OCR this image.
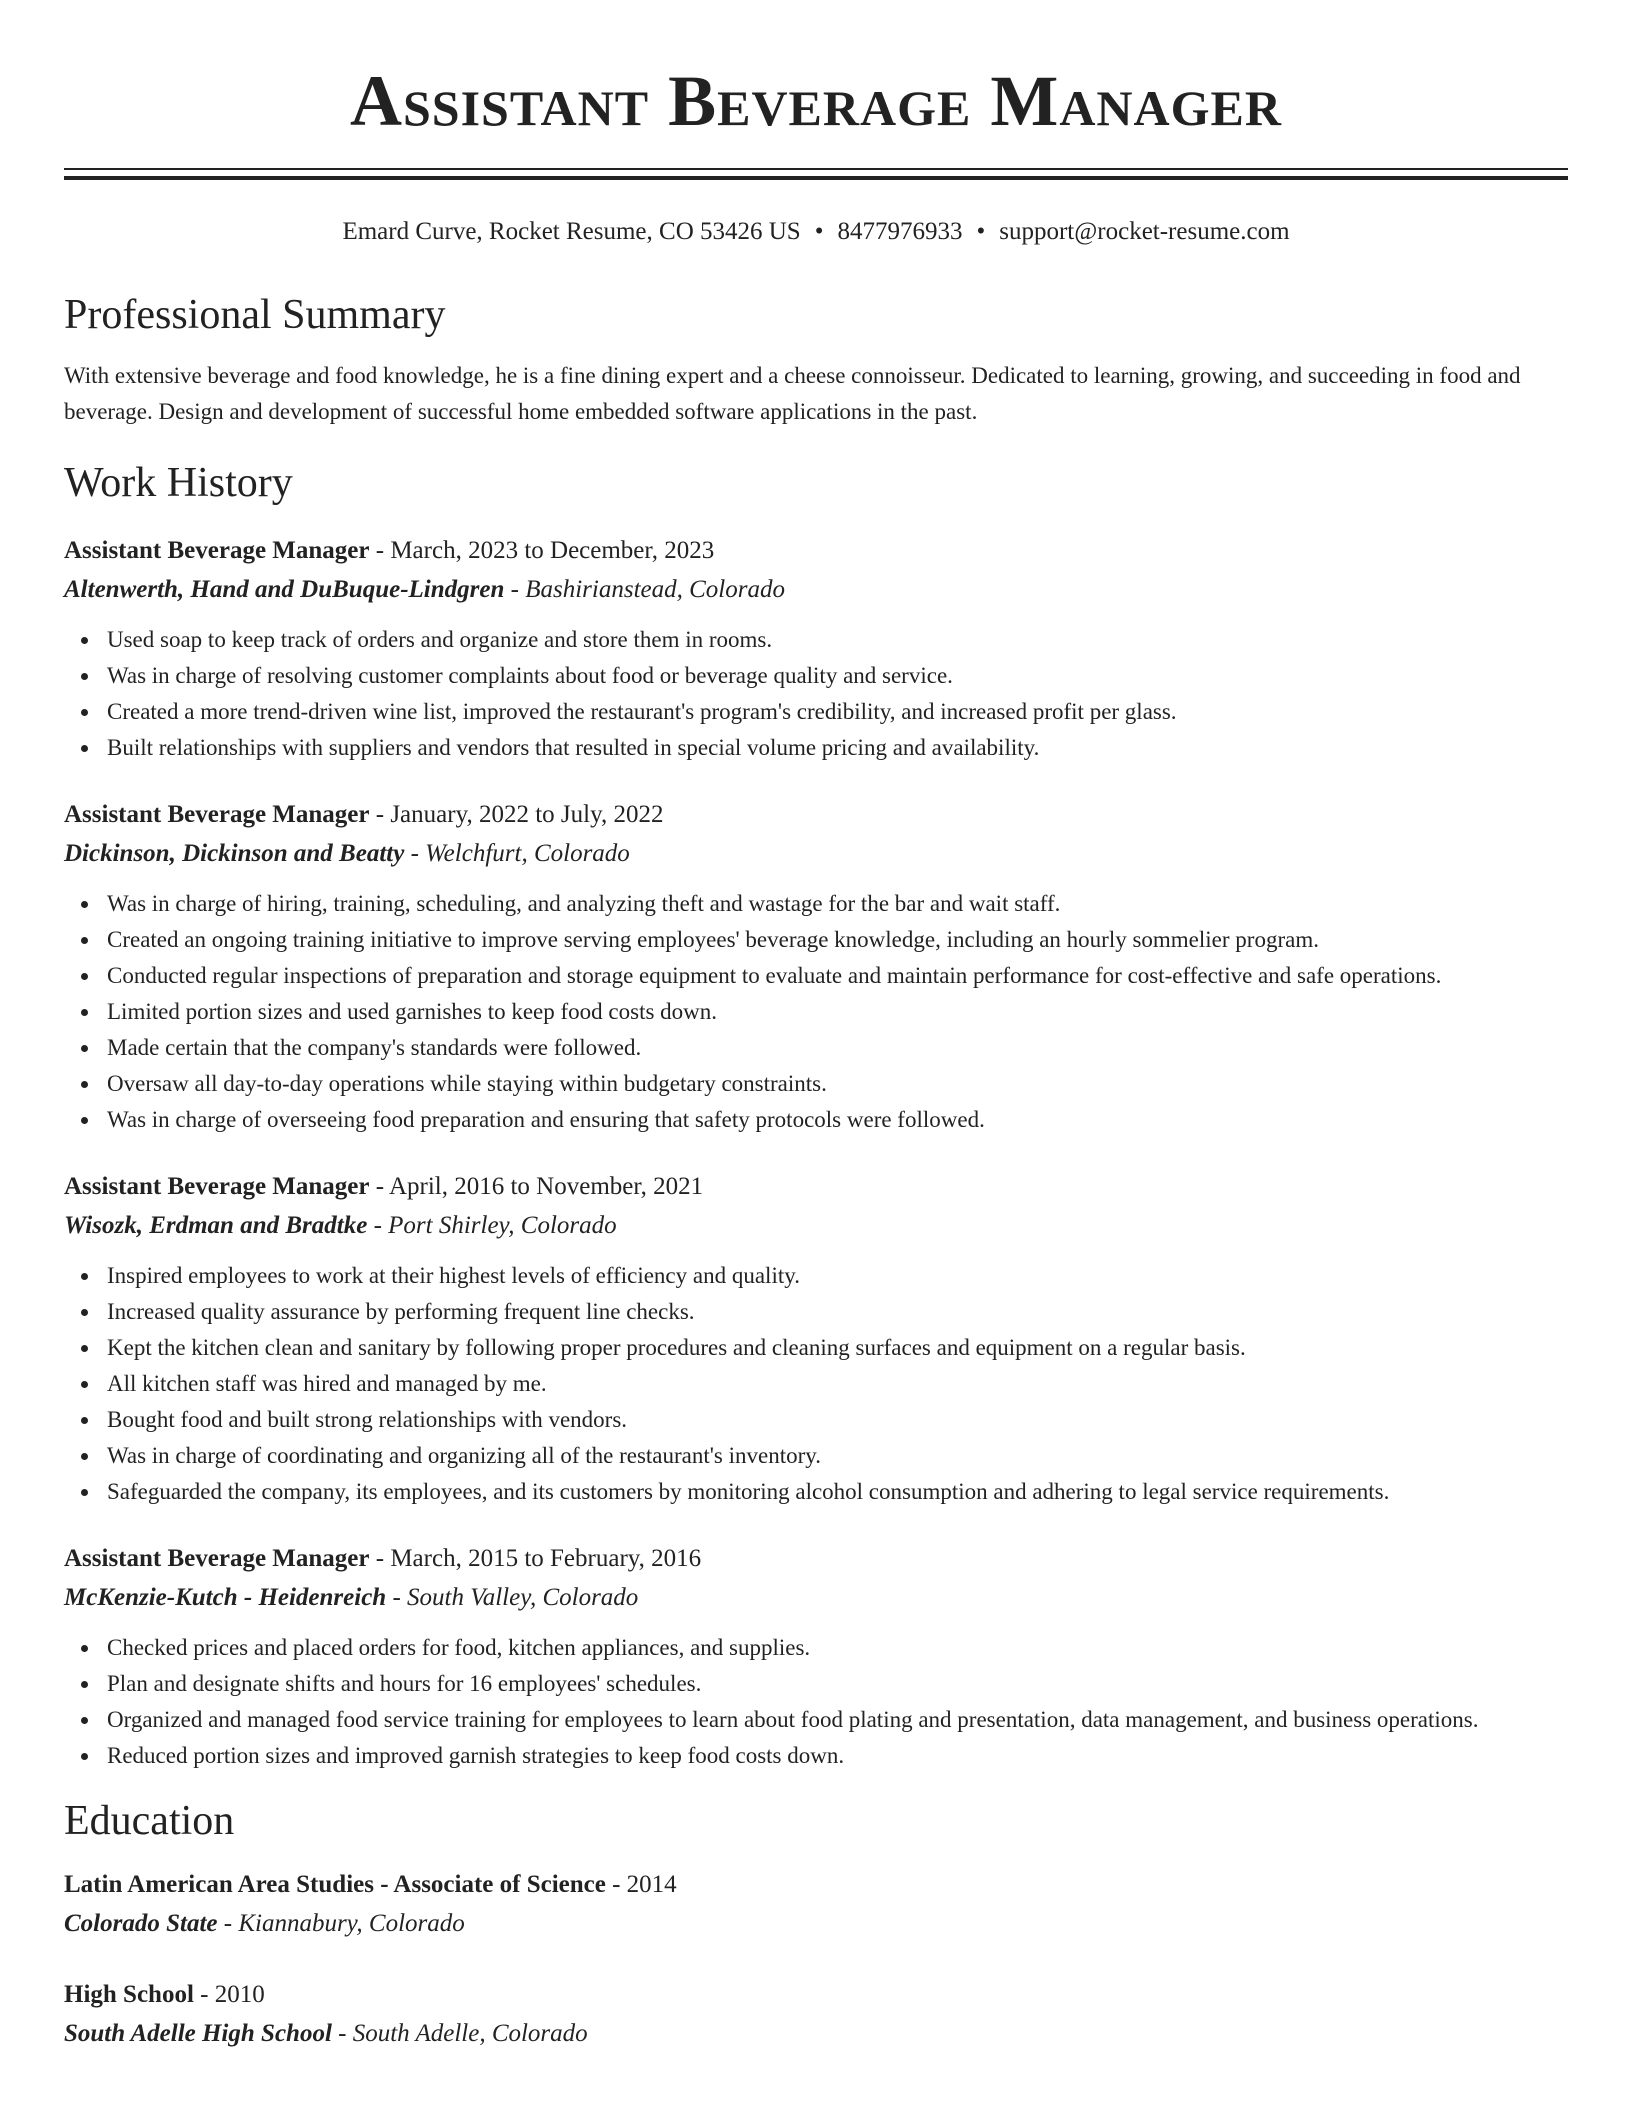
Assistant Beverage Manager
Emard Curve, Rocket Resume, CO 53426 US • 8477976933 • support@rocket-resume.com
Professional Summary

With extensive beverage and food knowledge, he is a fine dining expert and a cheese connoisseur. Dedicated to learning, growing, and succeeding in food and beverage. Design and development of successful home embedded software applications in the past.

Work History
Assistant Beverage Manager - March, 2023 to December, 2023
Altenwerth, Hand and DuBuque-Lindgren - Bashirianstead, Colorado
Used soap to keep track of orders and organize and store them in rooms.
Was in charge of resolving customer complaints about food or beverage quality and service.
Created a more trend-driven wine list, improved the restaurant's program's credibility, and increased profit per glass.
Built relationships with suppliers and vendors that resulted in special volume pricing and availability.
Assistant Beverage Manager - January, 2022 to July, 2022
Dickinson, Dickinson and Beatty - Welchfurt, Colorado
Was in charge of hiring, training, scheduling, and analyzing theft and wastage for the bar and wait staff.
Created an ongoing training initiative to improve serving employees' beverage knowledge, including an hourly sommelier program.
Conducted regular inspections of preparation and storage equipment to evaluate and maintain performance for cost-effective and safe operations.
Limited portion sizes and used garnishes to keep food costs down.
Made certain that the company's standards were followed.
Oversaw all day-to-day operations while staying within budgetary constraints.
Was in charge of overseeing food preparation and ensuring that safety protocols were followed.
Assistant Beverage Manager - April, 2016 to November, 2021
Wisozk, Erdman and Bradtke - Port Shirley, Colorado
Inspired employees to work at their highest levels of efficiency and quality.
Increased quality assurance by performing frequent line checks.
Kept the kitchen clean and sanitary by following proper procedures and cleaning surfaces and equipment on a regular basis.
All kitchen staff was hired and managed by me.
Bought food and built strong relationships with vendors.
Was in charge of coordinating and organizing all of the restaurant's inventory.
Safeguarded the company, its employees, and its customers by monitoring alcohol consumption and adhering to legal service requirements.
Assistant Beverage Manager - March, 2015 to February, 2016
McKenzie-Kutch - Heidenreich - South Valley, Colorado
Checked prices and placed orders for food, kitchen appliances, and supplies.
Plan and designate shifts and hours for 16 employees' schedules.
Organized and managed food service training for employees to learn about food plating and presentation, data management, and business operations.
Reduced portion sizes and improved garnish strategies to keep food costs down.
Education
Latin American Area Studies - Associate of Science - 2014
Colorado State - Kiannabury, Colorado
High School - 2010
South Adelle High School - South Adelle, Colorado
